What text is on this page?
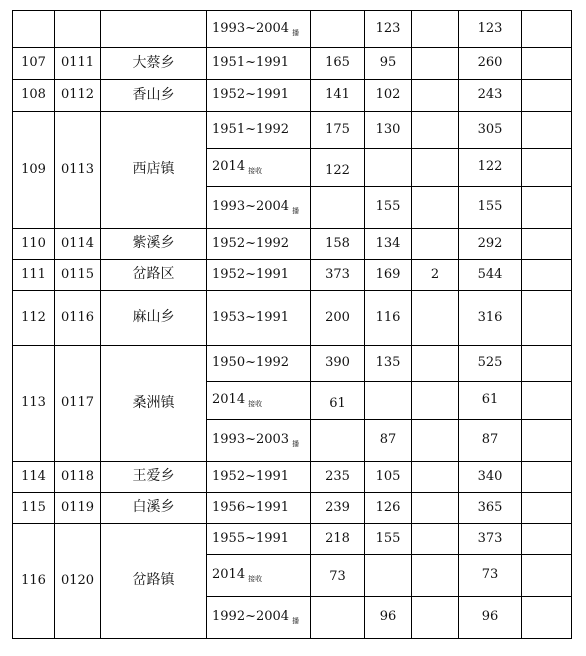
			1993~2004 $_播$		123		123	
107	0111	大蔡乡	1951~1991	165	95		260	
108	0112	香山乡	1952~1991	141	102		243	
109	0113	西店镇	1951~1992	175	130		305	
			2014 $_{接收}$	122			122	
			1993~2004 $_播$		155		155	
110	0114	紫溪乡	1952~1992	158	134		292	
111	0115	岔路区	1952~1991	373	169	2	544	
112	0116	麻山乡	1953~1991	200	116		316	
113	0117	桑洲镇	1950~1992	390	135		525	
			2014 $_{接收}$	61			61	
			1993~2003 $_播$		87		87	
114	0118	王爱乡	1952~1991	235	105		340	
115	0119	白溪乡	1956~1991	239	126		365	
116	0120	岔路镇	1955~1991	218	155		373	
			2014 $_{接收}$	73			73	
			1992~2004 $_播$		96		96	
